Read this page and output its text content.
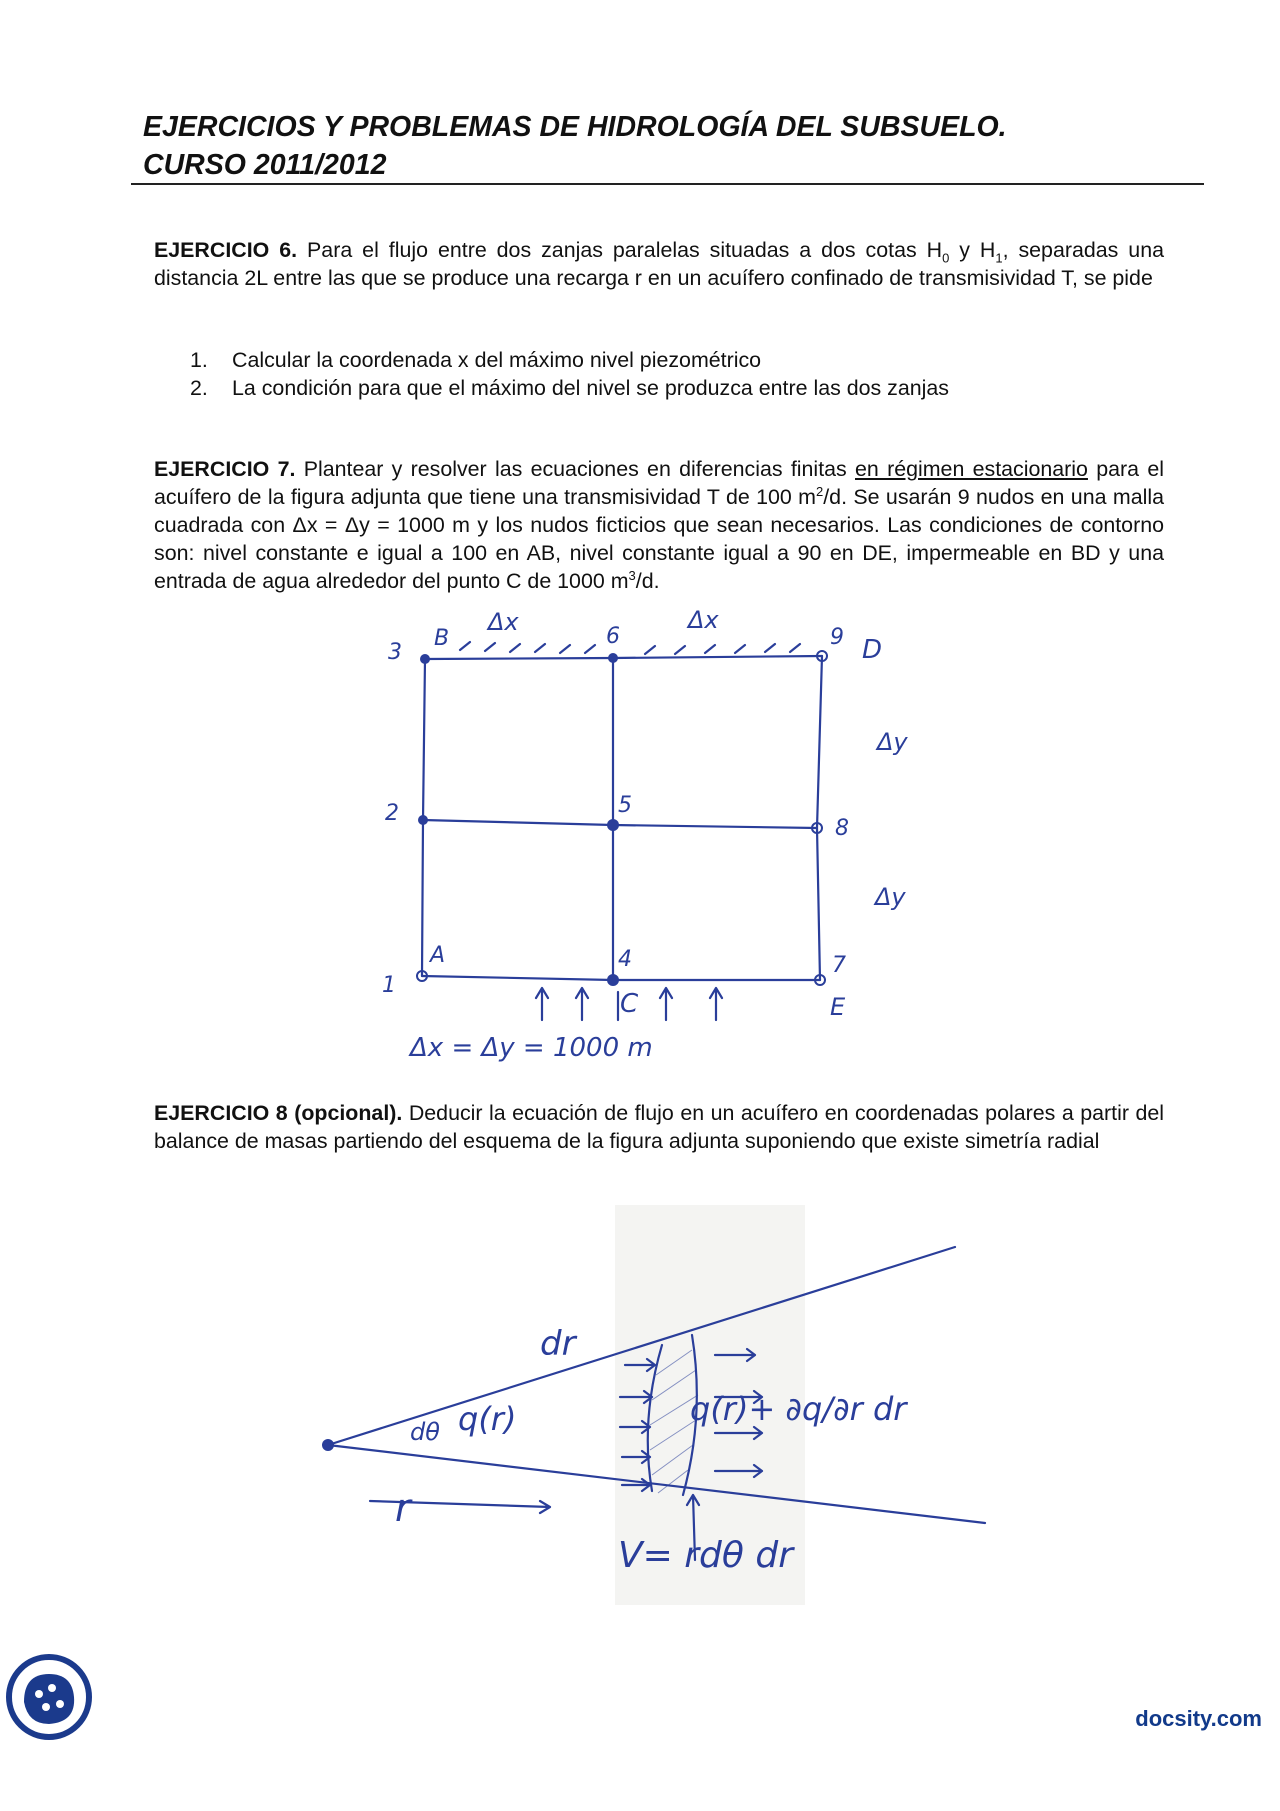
EJERCICIOS Y PROBLEMAS DE HIDROLOGÍA DEL SUBSUELO.
CURSO 2011/2012
EJERCICIO 6. Para el flujo entre dos zanjas paralelas situadas a dos cotas $H_0$ y $H_1$, separadas una distancia 2L entre las que se produce una recarga r en un acuífero confinado de transmisividad T, se pide
1.	Calcular la coordenada x del máximo nivel piezométrico
2.	La condición para que el máximo del nivel se produzca entre las dos zanjas
EJERCICIO 7. Plantear y resolver las ecuaciones en diferencias finitas en régimen estacionario para el acuífero de la figura adjunta que tiene una transmisividad T de 100 $m^2/d$. Se usarán 9 nudos en una malla cuadrada con Δx = Δy = 1000 m y los nudos ficticios que sean necesarios. Las condiciones de contorno son: nivel constante e igual a 100 en AB, nivel constante igual a 90 en DE, impermeable en BD y una entrada de agua alrededor del punto C de 1000 $m^3/d$.
3
2
1
6
5
4
9
8
7
B
A
C
D
E
Δx	Δx
Δy
Δy
Δx = Δy = 1000 m
EJERCICIO 8 (opcional). Deducir la ecuación de flujo en un acuífero en coordenadas polares a partir del balance de masas partiendo del esquema de la figura adjunta suponiendo que existe simetría radial
dr
dθ q(r)	q(r)+ ∂q/∂r dr
r
V= rdθ dr
docsity.com
